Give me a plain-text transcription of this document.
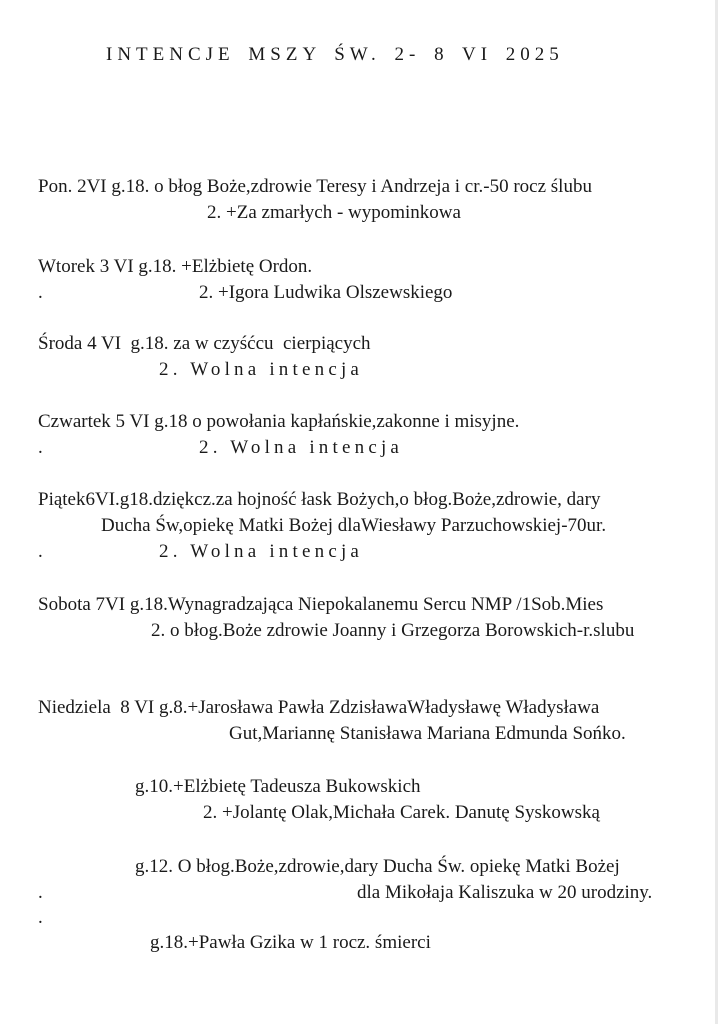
INTENCJE MSZY ŚW. 2- 8 VI 2025
Pon. 2VI g.18. o błog Boże,zdrowie Teresy i Andrzeja i cr.-50 rocz ślubu
2. +Za zmarłych - wypominkowa
Wtorek 3 VI g.18. +Elżbietę Ordon.
.	2. +Igora Ludwika Olszewskiego
Środa 4 VI  g.18. za w czyśćcu  cierpiących
2. Wolna intencja
Czwartek 5 VI g.18 o powołania kapłańskie,zakonne i misyjne.
.	2. Wolna intencja
Piątek6VI.g18.dziękcz.za hojność łask Bożych,o błog.Boże,zdrowie, dary
Ducha Św,opiekę Matki Bożej dlaWiesławy Parzuchowskiej-70ur.
.	2. Wolna intencja
Sobota 7VI g.18.Wynagradzająca Niepokalanemu Sercu NMP /1Sob.Mies
2. o błog.Boże zdrowie Joanny i Grzegorza Borowskich-r.slubu
Niedziela  8 VI g.8.+Jarosława Pawła ZdzisławaWładysławę Władysława
Gut,Mariannę Stanisława Mariana Edmunda Sońko.
g.10.+Elżbietę Tadeusza Bukowskich
2. +Jolantę Olak,Michała Carek. Danutę Syskowską
g.12. O błog.Boże,zdrowie,dary Ducha Św. opiekę Matki Bożej
.	dla Mikołaja Kaliszuka w 20 urodziny.
.
g.18.+Pawła Gzika w 1 rocz. śmierci
